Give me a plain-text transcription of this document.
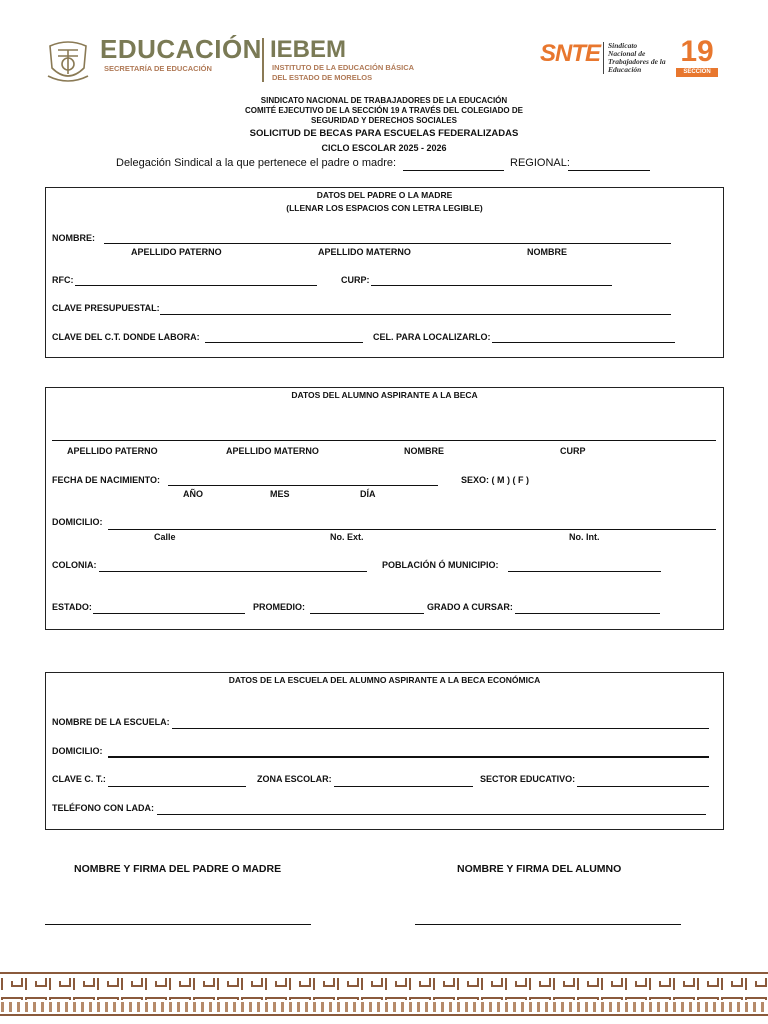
EDUCACIÓN
SECRETARÍA DE EDUCACIÓN
IEBEM
INSTITUTO DE LA EDUCACIÓN BÁSICA
DEL ESTADO DE MORELOS
SNTE Sindicato
Nacional de
Trabajadores de la
Educación
19
SECCIÓN
SINDICATO NACIONAL DE TRABAJADORES DE LA EDUCACIÓN
COMITÉ EJECUTIVO DE LA SECCIÓN 19 A TRAVÉS DEL COLEGIADO DE
SEGURIDAD Y DERECHOS SOCIALES
SOLICITUD DE BECAS PARA ESCUELAS FEDERALIZADAS
CICLO ESCOLAR 2025 - 2026
Delegación Sindical a la que pertenece el padre o madre:	REGIONAL:
DATOS DEL PADRE O LA MADRE
(LLENAR LOS ESPACIOS CON LETRA LEGIBLE)
NOMBRE:
APELLIDO PATERNO	APELLIDO MATERNO	NOMBRE
RFC:	CURP:
CLAVE PRESUPUESTAL:
CLAVE DEL C.T. DONDE LABORA:	CEL. PARA LOCALIZARLO:
DATOS DEL ALUMNO ASPIRANTE A LA BECA
APELLIDO PATERNO	APELLIDO MATERNO	NOMBRE	CURP
FECHA DE NACIMIENTO:	SEXO: ( M ) ( F )
AÑO	MES	DÍA
DOMICILIO:
Calle	No. Ext.	No. Int.
COLONIA:	POBLACIÓN Ó MUNICIPIO:
ESTADO:	PROMEDIO:	GRADO A CURSAR:
DATOS DE LA ESCUELA DEL ALUMNO ASPIRANTE A LA BECA ECONÓMICA
NOMBRE DE LA ESCUELA:
DOMICILIO:
CLAVE C. T.:	ZONA ESCOLAR:	SECTOR EDUCATIVO:
TELÉFONO CON LADA:
NOMBRE Y FIRMA DEL PADRE O MADRE	NOMBRE Y FIRMA DEL ALUMNO
